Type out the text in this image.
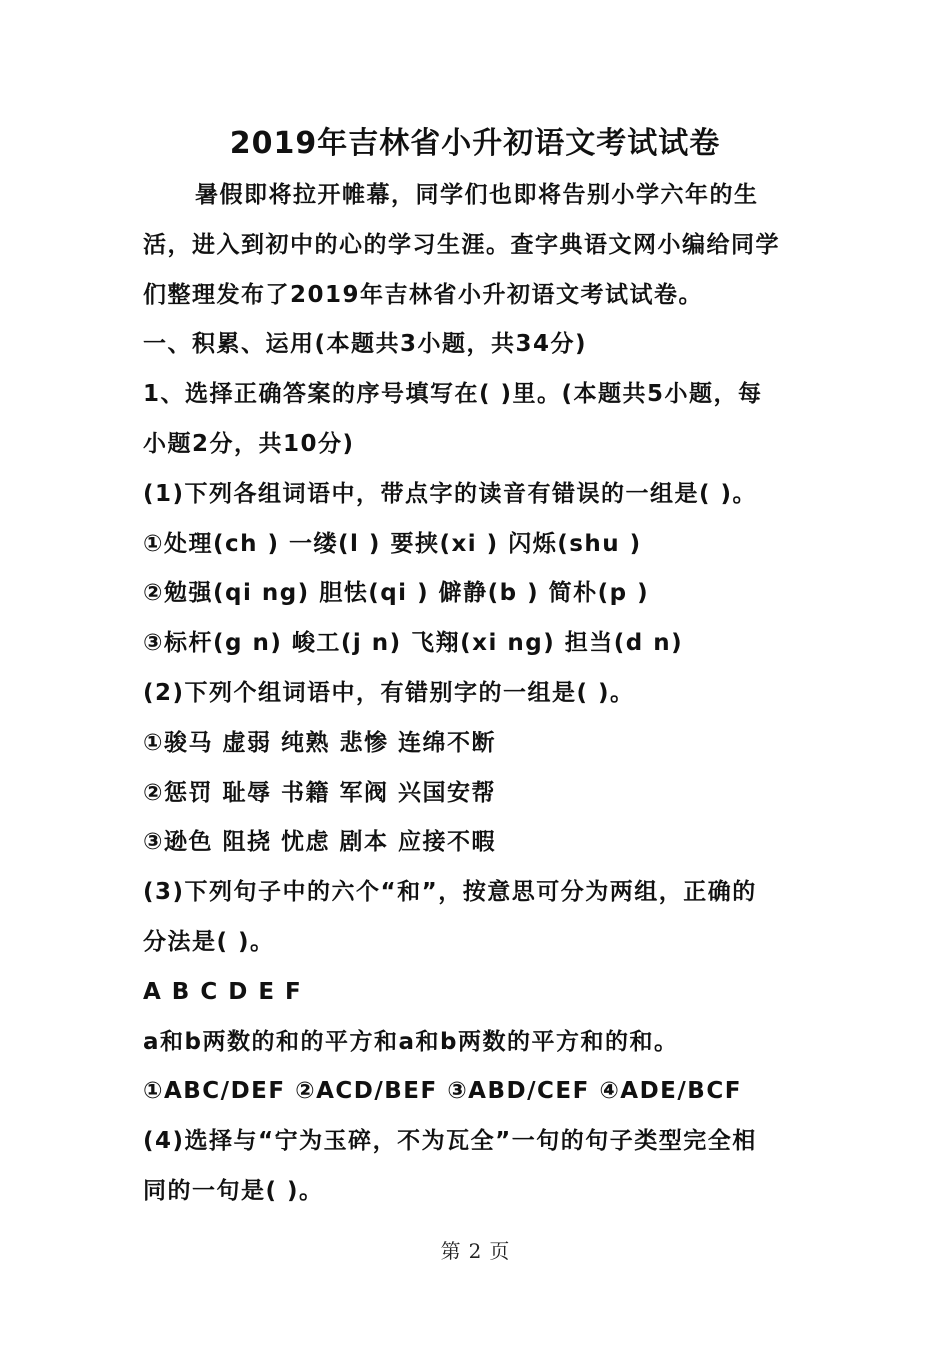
2019年吉林省小升初语文考试试卷
暑假即将拉开帷幕，同学们也即将告别小学六年的生
活，进入到初中的心的学习生涯。查字典语文网小编给同学
们整理发布了2019年吉林省小升初语文考试试卷。
一、积累、运用(本题共3小题，共34分)
1、选择正确答案的序号填写在( )里。(本题共5小题，每
小题2分，共10分)
(1)下列各组词语中，带点字的读音有错误的一组是( )。
①处理(ch ) 一缕(l ) 要挟(xi ) 闪烁(shu )
②勉强(qi ng) 胆怯(qi ) 僻静(b ) 简朴(p )
③标杆(g n) 峻工(j n) 飞翔(xi ng) 担当(d n)
(2)下列个组词语中，有错别字的一组是( )。
①骏马 虚弱 纯熟 悲惨 连绵不断
②惩罚 耻辱 书籍 军阀 兴国安帮
③逊色 阻挠 忧虑 剧本 应接不暇
(3)下列句子中的六个“和”，按意思可分为两组，正确的
分法是( )。
A B C D E F
a和b两数的和的平方和a和b两数的平方和的和。
①ABC/DEF ②ACD/BEF ③ABD/CEF ④ADE/BCF
(4)选择与“宁为玉碎，不为瓦全”一句的句子类型完全相
同的一句是( )。
第 2 页
